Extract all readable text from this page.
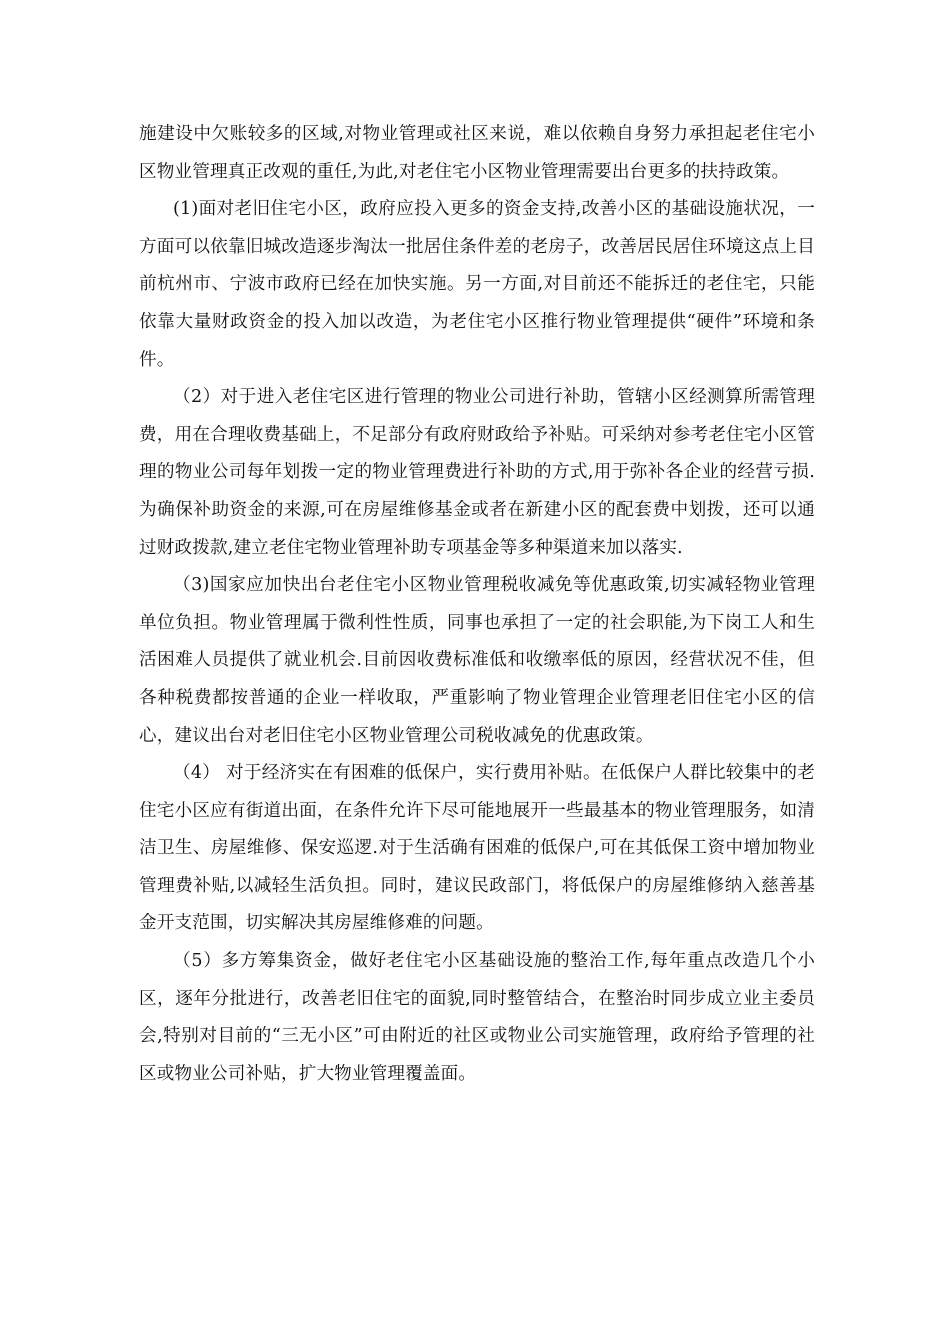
施建设中欠账较多的区域,对物业管理或社区来说，难以依赖自身努力承担起老住宅小区物业管理真正改观的重任,为此,对老住宅小区物业管理需要出台更多的扶持政策。

(1)面对老旧住宅小区，政府应投入更多的资金支持,改善小区的基础设施状况，一方面可以依靠旧城改造逐步淘汰一批居住条件差的老房子，改善居民居住环境这点上目前杭州市、宁波市政府已经在加快实施。另一方面,对目前还不能拆迁的老住宅，只能依靠大量财政资金的投入加以改造，为老住宅小区推行物业管理提供“硬件”环境和条件。

（2）对于进入老住宅区进行管理的物业公司进行补助，管辖小区经测算所需管理费，用在合理收费基础上，不足部分有政府财政给予补贴。可采纳对参考老住宅小区管理的物业公司每年划拨一定的物业管理费进行补助的方式,用于弥补各企业的经营亏损.为确保补助资金的来源,可在房屋维修基金或者在新建小区的配套费中划拨，还可以通过财政拨款,建立老住宅物业管理补助专项基金等多种渠道来加以落实.

（3)国家应加快出台老住宅小区物业管理税收减免等优惠政策,切实减轻物业管理单位负担。物业管理属于微利性性质，同事也承担了一定的社会职能,为下岗工人和生活困难人员提供了就业机会.目前因收费标准低和收缴率低的原因，经营状况不佳，但各种税费都按普通的企业一样收取，严重影响了物业管理企业管理老旧住宅小区的信心，建议出台对老旧住宅小区物业管理公司税收减免的优惠政策。

（4） 对于经济实在有困难的低保户，实行费用补贴。在低保户人群比较集中的老住宅小区应有街道出面，在条件允许下尽可能地展开一些最基本的物业管理服务，如清洁卫生、房屋维修、保安巡逻.对于生活确有困难的低保户,可在其低保工资中增加物业管理费补贴,以减轻生活负担。同时，建议民政部门，将低保户的房屋维修纳入慈善基金开支范围，切实解决其房屋维修难的问题。

（5）多方筹集资金，做好老住宅小区基础设施的整治工作,每年重点改造几个小区，逐年分批进行，改善老旧住宅的面貌,同时整管结合，在整治时同步成立业主委员会,特别对目前的“三无小区”可由附近的社区或物业公司实施管理，政府给予管理的社区或物业公司补贴，扩大物业管理覆盖面。
